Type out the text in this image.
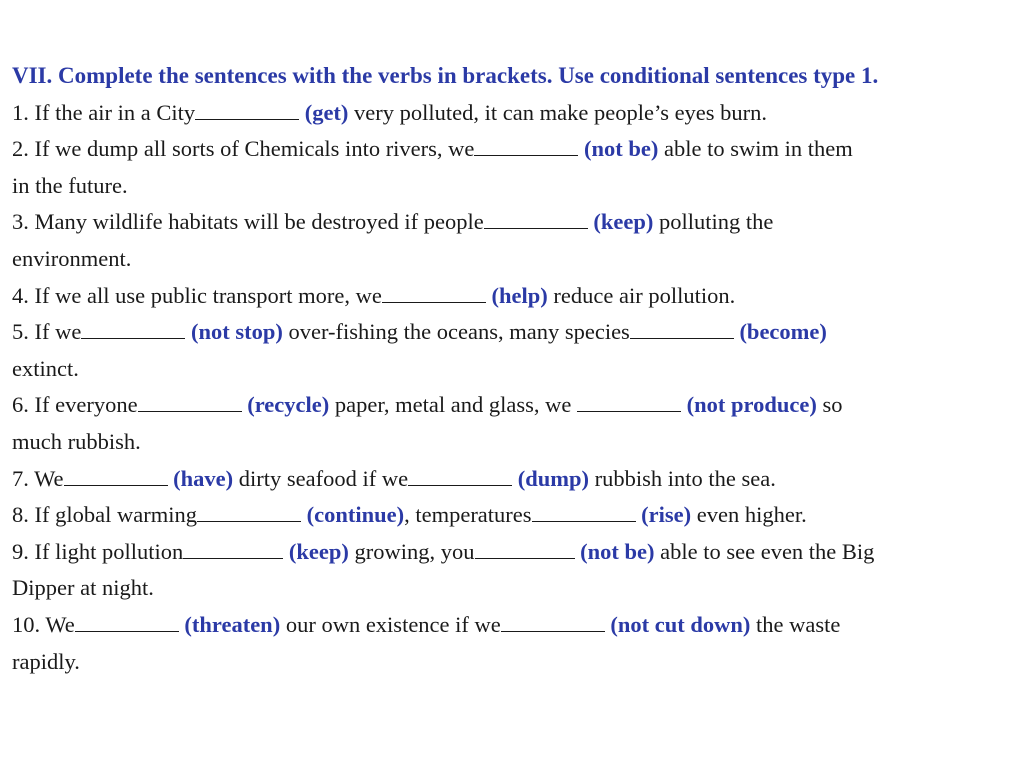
VII. Complete the sentences with the verbs in brackets. Use conditional sentences type 1.
1. If the air in a City	(get) very polluted, it can make people’s eyes burn.
2. If we dump all sorts of Chemicals into rivers, we	(not be) able to swim in them
in the future.
3. Many wildlife habitats will be destroyed if people	(keep) polluting the
environment.
4. If we all use public transport more, we	(help) reduce air pollution.
5. If we	(not stop) over-fishing the oceans, many species	(become)
extinct.
6. If everyone	(recycle) paper, metal and glass, we	(not produce) so
much rubbish.
7. We	(have) dirty seafood if we	(dump) rubbish into the sea.
8. If global warming	(continue), temperatures	(rise) even higher.
9. If light pollution	(keep) growing, you	(not be) able to see even the Big
Dipper at night.
10. We	(threaten) our own existence if we	(not cut down) the waste
rapidly.
